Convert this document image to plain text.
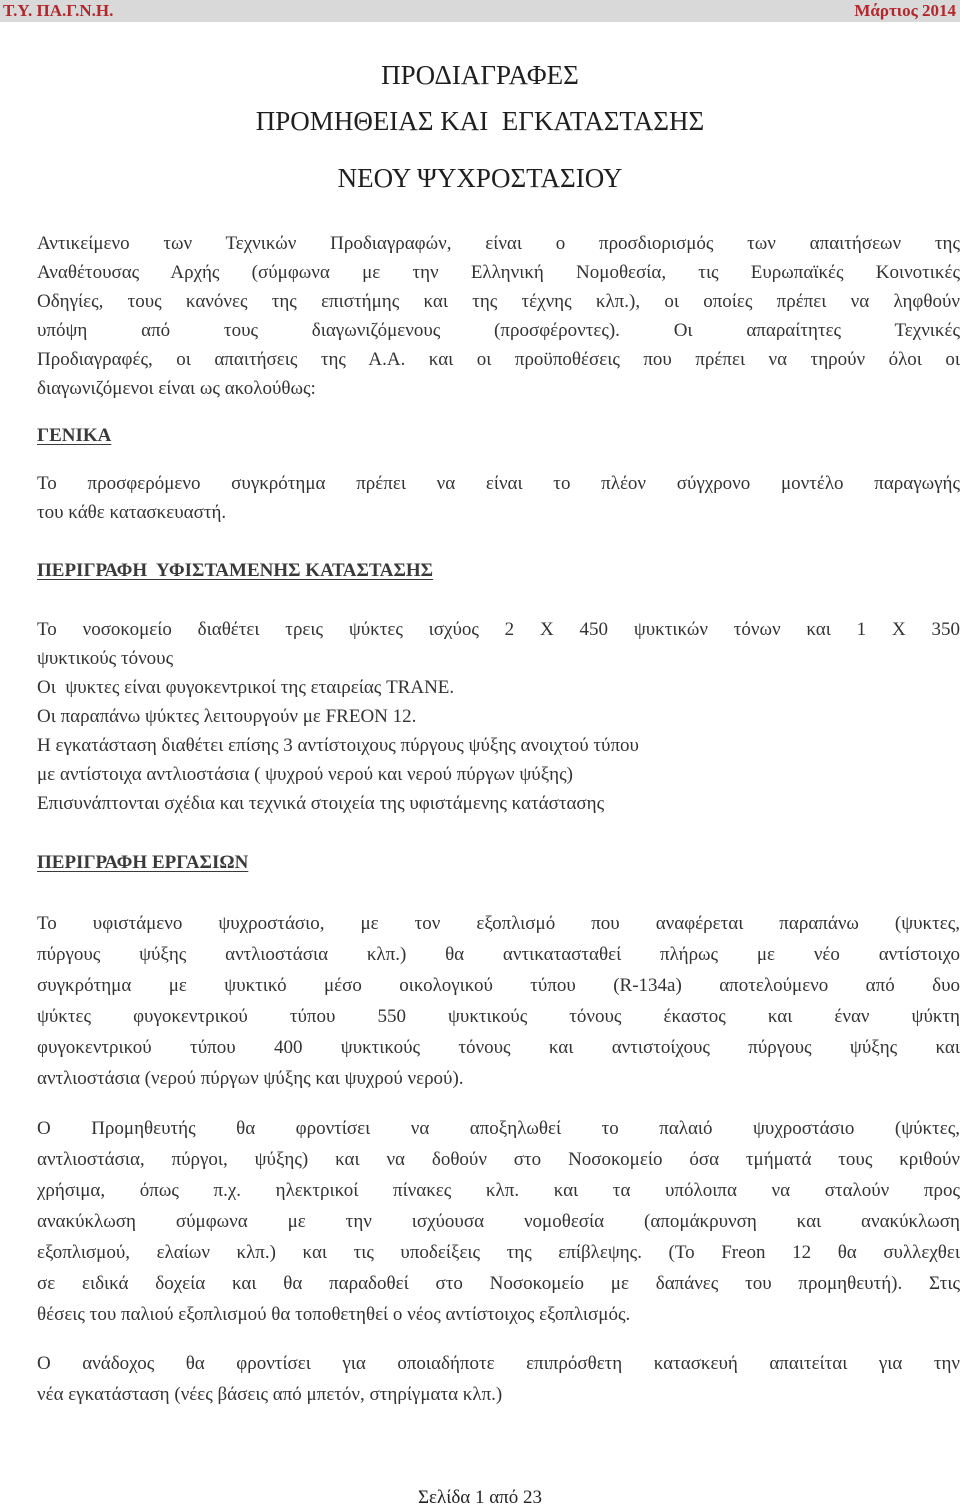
Τ.Υ. ΠΑ.Γ.Ν.Η.	Μάρτιος 2014
ΠΡΟΔΙΑΓΡΑΦΕΣ
ΠΡΟΜΗΘΕΙΑΣ ΚΑΙ  ΕΓΚΑΤΑΣΤΑΣΗΣ
ΝΕΟΥ ΨΥΧΡΟΣΤΑΣΙΟΥ
Αντικείμενο των Τεχνικών Προδιαγραφών, είναι ο προσδιορισμός των απαιτήσεων της
Αναθέτουσας Αρχής (σύμφωνα με την Ελληνική Νομοθεσία, τις Ευρωπαϊκές Κοινοτικές
Οδηγίες, τους κανόνες της επιστήμης και της τέχνης κλπ.), οι οποίες πρέπει να ληφθούν
υπόψη από τους διαγωνιζόμενους (προσφέροντες). Οι απαραίτητες Τεχνικές
Προδιαγραφές, οι απαιτήσεις της Α.Α. και οι προϋποθέσεις που πρέπει να τηρούν όλοι οι
διαγωνιζόμενοι είναι ως ακολούθως:
ΓΕΝΙΚΑ
Το προσφερόμενο συγκρότημα πρέπει να είναι το πλέον σύγχρονο μοντέλο παραγωγής
του κάθε κατασκευαστή.
ΠΕΡΙΓΡΑΦΗ  ΥΦΙΣΤΑΜΕΝΗΣ ΚΑΤΑΣΤΑΣΗΣ
Το νοσοκομείο διαθέτει τρεις ψύκτες ισχύος 2 Χ 450 ψυκτικών τόνων και 1 Χ 350
ψυκτικούς τόνους
Οι  ψυκτες είναι φυγοκεντρικοί της εταιρείας TRANE.
Οι παραπάνω ψύκτες λειτουργούν με FREON 12.
Η εγκατάσταση διαθέτει επίσης 3 αντίστοιχους πύργους ψύξης ανοιχτού τύπου
με αντίστοιχα αντλιοστάσια ( ψυχρού νερού και νερού πύργων ψύξης)
Επισυνάπτονται σχέδια και τεχνικά στοιχεία της υφιστάμενης κατάστασης
ΠΕΡΙΓΡΑΦΗ ΕΡΓΑΣΙΩΝ
Το υφιστάμενο ψυχροστάσιο, με τον εξοπλισμό που αναφέρεται παραπάνω (ψυκτες,
πύργους ψύξης αντλιοστάσια κλπ.) θα αντικατασταθεί πλήρως με νέο αντίστοιχο
συγκρότημα με ψυκτικό μέσο οικολογικού τύπου (R-134a) αποτελούμενο από δυο
ψύκτες φυγοκεντρικού τύπου 550 ψυκτικούς τόνους έκαστος και έναν ψύκτη
φυγοκεντρικού τύπου 400 ψυκτικούς τόνους και αντιστοίχους πύργους ψύξης και
αντλιοστάσια (νερού πύργων ψύξης και ψυχρού νερού).
Ο Προμηθευτής θα φροντίσει να αποξηλωθεί το παλαιό ψυχροστάσιο (ψύκτες,
αντλιοστάσια, πύργοι, ψύξης) και να δοθούν στο Νοσοκομείο όσα τμήματά τους κριθούν
χρήσιμα, όπως π.χ. ηλεκτρικοί πίνακες κλπ. και τα υπόλοιπα να σταλούν προς
ανακύκλωση σύμφωνα με την ισχύουσα νομοθεσία (απομάκρυνση και ανακύκλωση
εξοπλισμού, ελαίων κλπ.) και τις υποδείξεις της επίβλεψης. (Το Freon 12 θα συλλεχθει
σε ειδικά δοχεία και θα παραδοθεί στο Νοσοκομείο με δαπάνες του προμηθευτή). Στις
θέσεις του παλιού εξοπλισμού θα τοποθετηθεί ο νέος αντίστοιχος εξοπλισμός.
Ο ανάδοχος θα φροντίσει για οποιαδήποτε επιπρόσθετη κατασκευή απαιτείται για την
νέα εγκατάσταση (νέες βάσεις από μπετόν, στηρίγματα κλπ.)
Σελίδα 1 από 23
